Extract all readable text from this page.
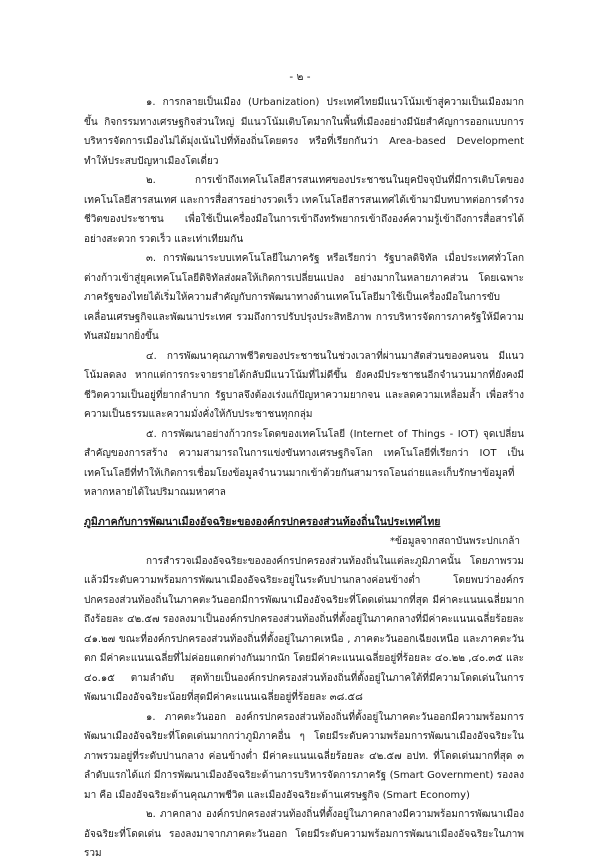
- ๒ -

๑. การกลายเป็นเมือง (Urbanization) ประเทศไทยมีแนวโน้มเข้าสู่ความเป็นเมืองมากขึ้น กิจกรรมทางเศรษฐกิจส่วนใหญ่ มีแนวโน้มเติบโตมากในพื้นที่เมืองอย่างมีนัยสำคัญการออกแบบการบริหารจัดการเมืองไม่ได้มุ่งเน้นไปที่ท้องถิ่นโดยตรง หรือที่เรียกกันว่า Area-based Development ทำให้ประสบปัญหาเมืองโตเดี่ยว

๒. การเข้าถึงเทคโนโลยีสารสนเทศของประชาชนในยุคปัจจุบันที่มีการเติบโตของเทคโนโลยีสารสนเทศ และการสื่อสารอย่างรวดเร็ว เทคโนโลยีสารสนเทศได้เข้ามามีบทบาทต่อการดำรงชีวิตของประชาชน เพื่อใช้เป็นเครื่องมือในการเข้าถึงทรัพยากรเข้าถึงองค์ความรู้เข้าถึงการสื่อสารได้อย่างสะดวก รวดเร็ว และเท่าเทียมกัน

๓. การพัฒนาระบบเทคโนโลยีในภาครัฐ หรือเรียกว่า รัฐบาลดิจิทัล เมื่อประเทศทั่วโลกต่างก้าวเข้าสู่ยุคเทคโนโลยีดิจิทัลส่งผลให้เกิดการเปลี่ยนแปลง อย่างมากในหลายภาคส่วน โดยเฉพาะภาครัฐของไทยได้เริ่มให้ความสำคัญกับการพัฒนาทางด้านเทคโนโลยีมาใช้เป็นเครื่องมือในการขับเคลื่อนเศรษฐกิจและพัฒนาประเทศ รวมถึงการปรับปรุงประสิทธิภาพ การบริหารจัดการภาครัฐให้มีความทันสมัยมากยิ่งขึ้น

๔. การพัฒนาคุณภาพชีวิตของประชาชนในช่วงเวลาที่ผ่านมาสัดส่วนของคนจน มีแนวโน้มลดลง หากแต่การกระจายรายได้กลับมีแนวโน้มที่ไม่ดีขึ้น ยังคงมีประชาชนอีกจำนวนมากที่ยังคงมีชีวิตความเป็นอยู่ที่ยากลำบาก รัฐบาลจึงต้องเร่งแก้ปัญหาความยากจน และลดความเหลื่อมล้ำ เพื่อสร้างความเป็นธรรมและความมั่งคั่งให้กับประชาชนทุกกลุ่ม

๕. การพัฒนาอย่างก้าวกระโดดของเทคโนโลยี (Internet of Things - IOT) จุดเปลี่ยนสำคัญของการสร้าง ความสามารถในการแข่งขันทางเศรษฐกิจโลก เทคโนโลยีที่เรียกว่า IOT เป็นเทคโนโลยีที่ทำให้เกิดการเชื่อมโยงข้อมูลจำนวนมากเข้าด้วยกันสามารถโอนถ่ายและเก็บรักษาข้อมูลที่หลากหลายได้ในปริมาณมหาศาล

ภูมิภาคกับการพัฒนาเมืองอัจฉริยะขององค์กรปกครองส่วนท้องถิ่นในประเทศไทย

*ข้อมูลจากสถาบันพระปกเกล้า

การสำรวจเมืองอัจฉริยะขององค์กรปกครองส่วนท้องถิ่นในแต่ละภูมิภาคนั้น โดยภาพรวมแล้วมีระดับความพร้อมการพัฒนาเมืองอัจฉริยะอยู่ในระดับปานกลางค่อนข้างต่ำ โดยพบว่าองค์กรปกครองส่วนท้องถิ่นในภาคตะวันออกมีการพัฒนาเมืองอัจฉริยะที่โดดเด่นมากที่สุด มีค่าคะแนนเฉลี่ยมากถึงร้อยละ ๔๒.๕๗ รองลงมาเป็นองค์กรปกครองส่วนท้องถิ่นที่ตั้งอยู่ในภาคกลางที่มีค่าคะแนนเฉลี่ยร้อยละ ๔๑.๒๗ ขณะที่องค์กรปกครองส่วนท้องถิ่นที่ตั้งอยู่ในภาคเหนือ , ภาคตะวันออกเฉียงเหนือ และภาคตะวันตก มีค่าคะแนนเฉลี่ยที่ไม่ค่อยแตกต่างกันมากนัก โดยมีค่าคะแนนเฉลี่ยอยู่ที่ร้อยละ ๔๐.๒๒ ,๔๐.๓๕ และ ๔๐.๑๕ ตามลำดับ สุดท้ายเป็นองค์กรปกครองส่วนท้องถิ่นที่ตั้งอยู่ในภาคใต้ที่มีความโดดเด่นในการพัฒนาเมืองอัจฉริยะน้อยที่สุดมีค่าคะแนนเฉลี่ยอยู่ที่ร้อยละ ๓๘.๕๘

๑. ภาคตะวันออก องค์กรปกครองส่วนท้องถิ่นที่ตั้งอยู่ในภาคตะวันออกมีความพร้อมการพัฒนาเมืองอัจฉริยะที่โดดเด่นมากกว่าภูมิภาคอื่น ๆ โดยมีระดับความพร้อมการพัฒนาเมืองอัจฉริยะในภาพรวมอยู่ที่ระดับปานกลาง ค่อนข้างต่ำ มีค่าคะแนนเฉลี่ยร้อยละ ๔๒.๕๗ อปท. ที่โดดเด่นมากที่สุด ๓ ลำดับแรกได้แก่ มีการพัฒนาเมืองอัจฉริยะด้านการบริหารจัดการภาครัฐ (Smart Government) รองลงมา คือ เมืองอัจฉริยะด้านคุณภาพชีวิต และเมืองอัจฉริยะด้านเศรษฐกิจ (Smart Economy)

๒. ภาคกลาง องค์กรปกครองส่วนท้องถิ่นที่ตั้งอยู่ในภาคกลางมีความพร้อมการพัฒนาเมืองอัจฉริยะที่โดดเด่น รองลงมาจากภาคตะวันออก โดยมีระดับความพร้อมการพัฒนาเมืองอัจฉริยะในภาพรวม
